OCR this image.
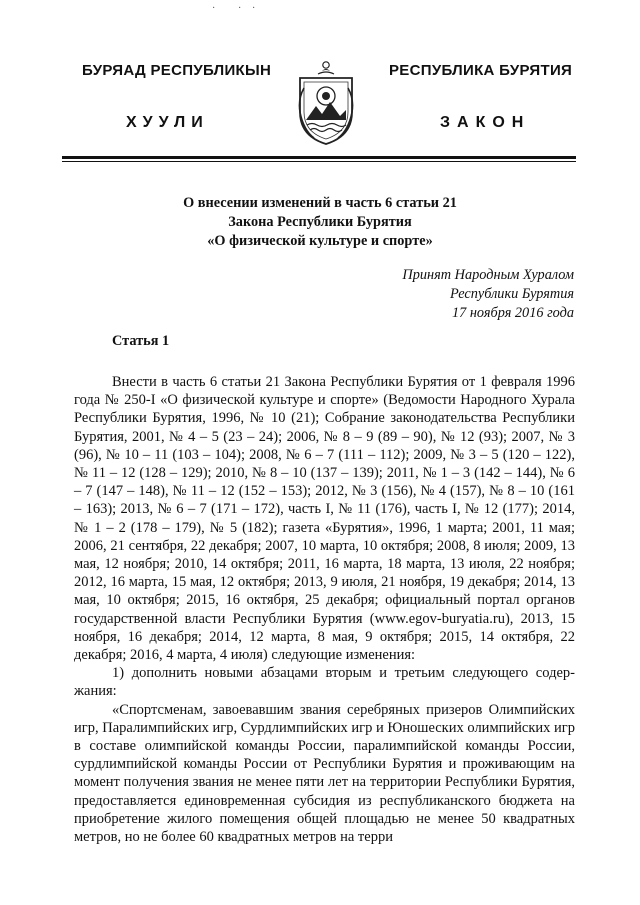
· · ·
БУРЯАД РЕСПУБЛИКЫН
ХУУЛИ
РЕСПУБЛИКА БУРЯТИЯ
ЗАКОН
О внесении изменений в часть 6 статьи 21
Закона Республики Бурятия
«О физической культуре и спорте»
Принят Народным Хуралом
Республики Бурятия
17 ноября 2016 года
Статья 1

Внести в часть 6 статьи 21 Закона Республики Бурятия от 1 февраля 1996 года № 250-I «О физической культуре и спорте» (Ведомости Народного Хурала Республики Бурятия, 1996, № 10 (21); Собрание законодательства Республики Бурятия, 2001, № 4 – 5 (23 – 24); 2006, № 8 – 9 (89 – 90), № 12 (93); 2007, № 3 (96), № 10 – 11 (103 – 104); 2008, № 6 – 7 (111 – 112); 2009, № 3 – 5 (120 – 122), № 11 – 12 (128 – 129); 2010, № 8 – 10 (137 – 139); 2011, № 1 – 3 (142 – 144), № 6 – 7 (147 – 148), № 11 – 12 (152 – 153); 2012, № 3 (156), № 4 (157), № 8 – 10 (161 – 163); 2013, № 6 – 7 (171 – 172), часть I, № 11 (176), часть I, № 12 (177); 2014, № 1 – 2 (178 – 179), № 5 (182); газета «Бурятия», 1996, 1 марта; 2001, 11 мая; 2006, 21 сентября, 22 декабря; 2007, 10 марта, 10 октября; 2008, 8 июля; 2009, 13 мая, 12 ноября; 2010, 14 октября; 2011, 16 марта, 18 марта, 13 июля, 22 ноября; 2012, 16 марта, 15 мая, 12 октября; 2013, 9 июля, 21 ноября, 19 декабря; 2014, 13 мая, 10 октября; 2015, 16 октября, 25 декабря; официальный портал органов государственной власти Республики Бурятия (www.egov-buryatia.ru), 2013, 15 ноября, 16 декабря; 2014, 12 марта, 8 мая, 9 октября; 2015, 14 октября, 22 декабря; 2016, 4 марта, 4 июля) следующие изменения:

1) дополнить новыми абзацами вторым и третьим следующего содержания:

«Спортсменам, завоевавшим звания серебряных призеров Олимпийских игр, Паралимпийских игр, Сурдлимпийских игр и Юношеских олимпийских игр в составе олимпийской команды России, паралимпийской команды России, сурдлимпийской команды России от Республики Бурятия и проживающим на момент получения звания не менее пяти лет на территории Республики Бурятия, предоставляется единовременная субсидия из республиканского бюджета на приобретение жилого помещения общей площадью не менее 50 квадратных метров, но не более 60 квадратных метров на терри
